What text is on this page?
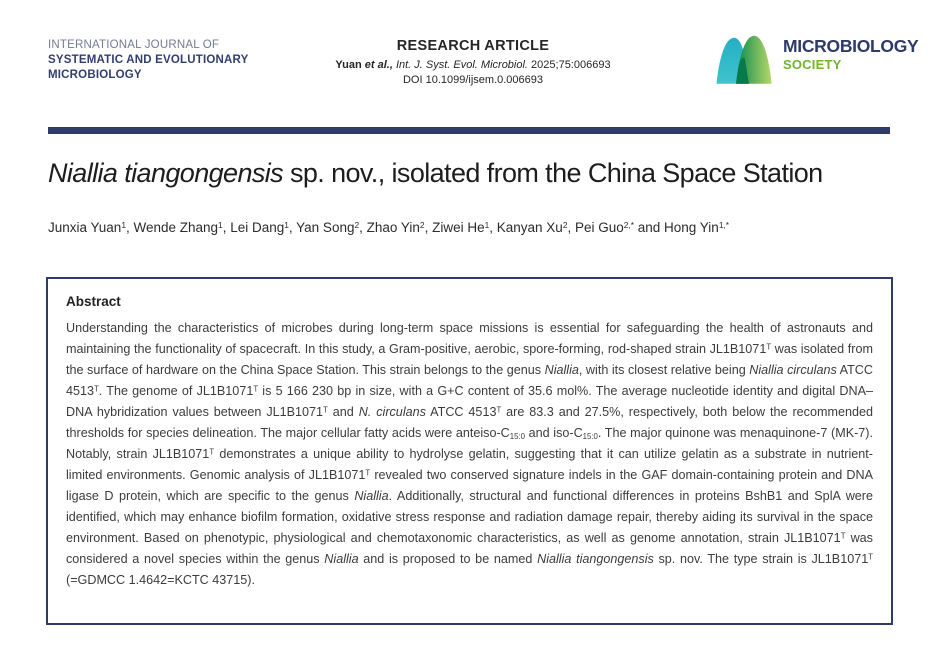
INTERNATIONAL JOURNAL OF
SYSTEMATIC AND EVOLUTIONARY
MICROBIOLOGY
RESEARCH ARTICLE
Yuan et al., Int. J. Syst. Evol. Microbiol. 2025;75:006693
DOI 10.1099/ijsem.0.006693
MICROBIOLOGY
SOCIETY
Niallia tiangongensis sp. nov., isolated from the China Space Station
Junxia Yuan$^1$, Wende Zhang$^1$, Lei Dang$^1$, Yan Song$^2$, Zhao Yin$^2$, Ziwei He$^1$, Kanyan Xu$^2$, Pei Guo$^{2,*}$ and Hong Yin$^{1,*}$
Abstract
Understanding the characteristics of microbes during long-term space missions is essential for safeguarding the health of astronauts and maintaining the functionality of spacecraft. In this study, a Gram-positive, aerobic, spore-forming, rod-shaped strain $JL1B1071^T$ was isolated from the surface of hardware on the China Space Station. This strain belongs to the genus Niallia, with its closest relative being Niallia circulans ATCC $4513^T$. The genome of $JL1B1071^T$ is 5 166 230 bp in size, with a G+C content of 35.6 mol%. The average nucleotide identity and digital DNA–DNA hybridization values between $JL1B1071^T$ and N. circulans ATCC $4513^T$ are 83.3 and 27.5%, respectively, both below the recommended thresholds for species delineation. The major cellular fatty acids were anteiso-$C_{15:0}$ and iso-$C_{15:0}$. The major quinone was menaquinone-7 (MK-7). Notably, strain $JL1B1071^T$ demonstrates a unique ability to hydrolyse gelatin, suggesting that it can utilize gelatin as a substrate in nutrient-limited environments. Genomic analysis of $JL1B1071^T$ revealed two conserved signature indels in the GAF domain-containing protein and DNA ligase D protein, which are specific to the genus Niallia. Additionally, structural and functional differences in proteins BshB1 and SplA were identified, which may enhance biofilm formation, oxidative stress response and radiation damage repair, thereby aiding its survival in the space environment. Based on phenotypic, physiological and chemotaxonomic characteristics, as well as genome annotation, strain $JL1B1071^T$ was considered a novel species within the genus Niallia and is proposed to be named Niallia tiangongensis sp. nov. The type strain is $JL1B1071^T$ (=GDMCC 1.4642=KCTC 43715).
